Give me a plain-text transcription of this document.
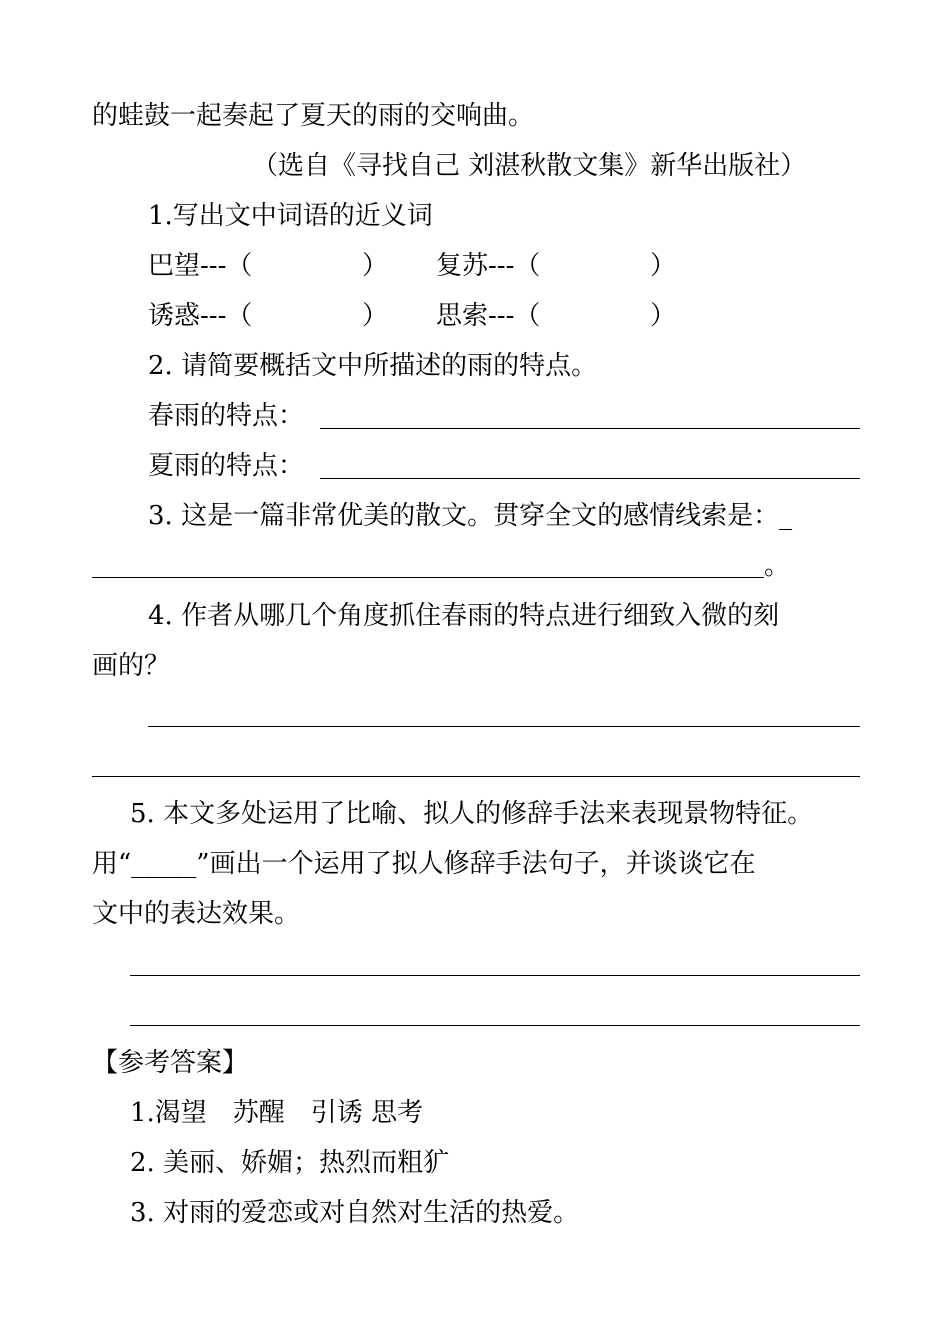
的蛙鼓一起奏起了夏天的雨的交响曲。
（选自《寻找自己 刘湛秋散文集》新华出版社）
1.写出文中词语的近义词
巴望---（	） 复苏---（	）
诱惑---（	） 思索---（	）
2. 请简要概括文中所描述的雨的特点。
春雨的特点：
夏雨的特点：
3. 这是一篇非常优美的散文。贯穿全文的感情线索是：_
。
4. 作者从哪几个角度抓住春雨的特点进行细致入微的刻
画的？
5. 本文多处运用了比喻、拟人的修辞手法来表现景物特征。
用“_____”画出一个运用了拟人修辞手法句子，并谈谈它在
文中的表达效果。
【参考答案】
1.渴望　苏醒　引诱 思考
2. 美丽、娇媚；热烈而粗犷
3. 对雨的爱恋或对自然对生活的热爱。
